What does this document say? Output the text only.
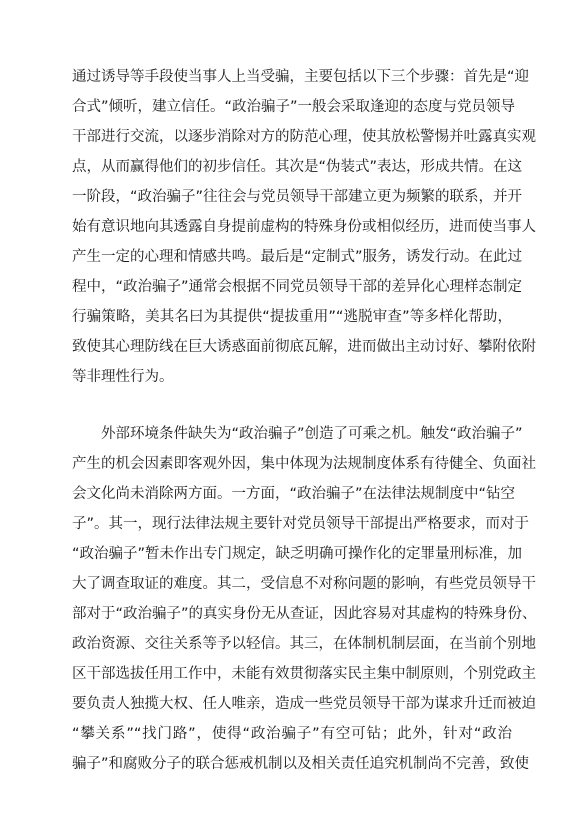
通过诱导等手段使当事人上当受骗，主要包括以下三个步骤：首先是“迎
合式”倾听，建立信任。“政治骗子”一般会采取逢迎的态度与党员领导
干部进行交流，以逐步消除对方的防范心理，使其放松警惕并吐露真实观
点，从而赢得他们的初步信任。其次是“伪装式”表达，形成共情。在这
一阶段，“政治骗子”往往会与党员领导干部建立更为频繁的联系，并开
始有意识地向其透露自身提前虚构的特殊身份或相似经历，进而使当事人
产生一定的心理和情感共鸣。最后是“定制式”服务，诱发行动。在此过
程中，“政治骗子”通常会根据不同党员领导干部的差异化心理样态制定
行骗策略，美其名曰为其提供“提拔重用”“逃脱审查”等多样化帮助，
致使其心理防线在巨大诱惑面前彻底瓦解，进而做出主动讨好、攀附依附
等非理性行为。
　　外部环境条件缺失为“政治骗子”创造了可乘之机。触发“政治骗子”
产生的机会因素即客观外因，集中体现为法规制度体系有待健全、负面社
会文化尚未消除两方面。一方面，“政治骗子”在法律法规制度中“钻空
子”。其一，现行法律法规主要针对党员领导干部提出严格要求，而对于
“政治骗子”暂未作出专门规定，缺乏明确可操作化的定罪量刑标准，加
大了调查取证的难度。其二，受信息不对称问题的影响，有些党员领导干
部对于“政治骗子”的真实身份无从查证，因此容易对其虚构的特殊身份、
政治资源、交往关系等予以轻信。其三，在体制机制层面，在当前个别地
区干部选拔任用工作中，未能有效贯彻落实民主集中制原则，个别党政主
要负责人独揽大权、任人唯亲，造成一些党员领导干部为谋求升迁而被迫
“攀关系”“找门路”，使得“政治骗子”有空可钻；此外，针对“政治
骗子”和腐败分子的联合惩戒机制以及相关责任追究机制尚不完善，致使
